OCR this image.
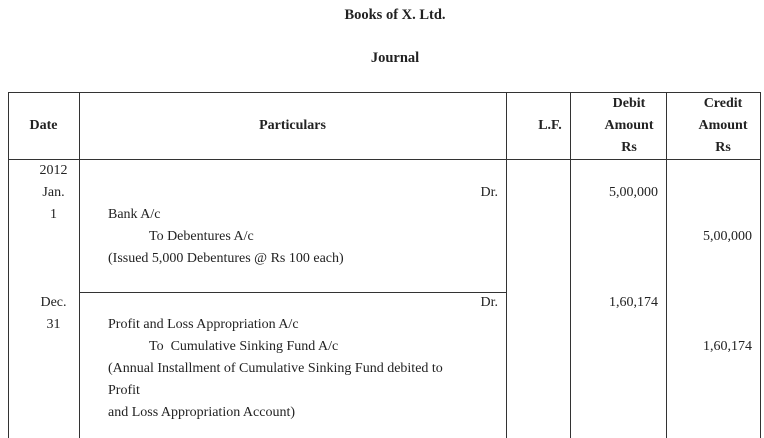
Books of X. Ltd.
Journal
Date	Particulars	L.F.
Debit
Amount
Rs
Credit
Amount
Rs
2012
Jan.
1
Dr.
Bank A/c
To Debentures A/c
(Issued 5,000 Debentures @ Rs 100 each)
5,00,000
5,00,000
Dec.
31
Dr.
Profit and Loss Appropriation A/c
To  Cumulative Sinking Fund A/c
(Annual Installment of Cumulative Sinking Fund debited to
Profit
and Loss Appropriation Account)
1,60,174
1,60,174
